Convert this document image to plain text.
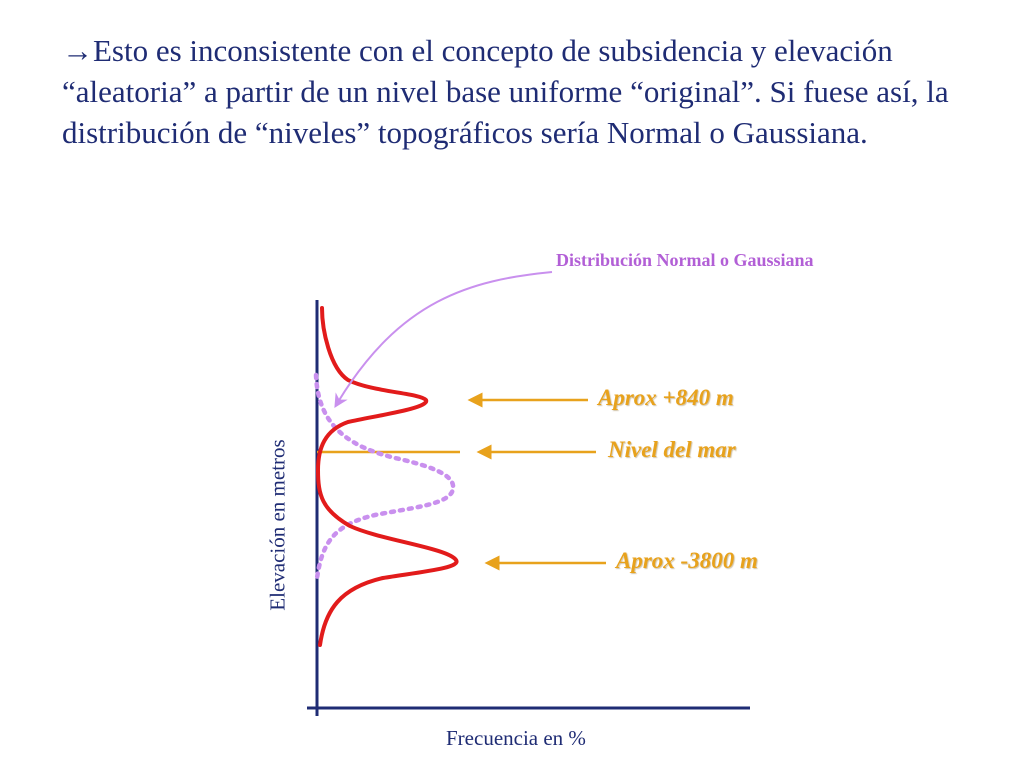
→Esto es inconsistente con el concepto de subsidencia y elevación “aleatoria” a partir de un nivel base uniforme “original”. Si fuese así, la distribución de “niveles” topográficos sería Normal o Gaussiana.
Distribución Normal o Gaussiana
Aprox +840 m
Nivel del mar
Aprox -3800 m
Frecuencia en %
Elevación en metros
